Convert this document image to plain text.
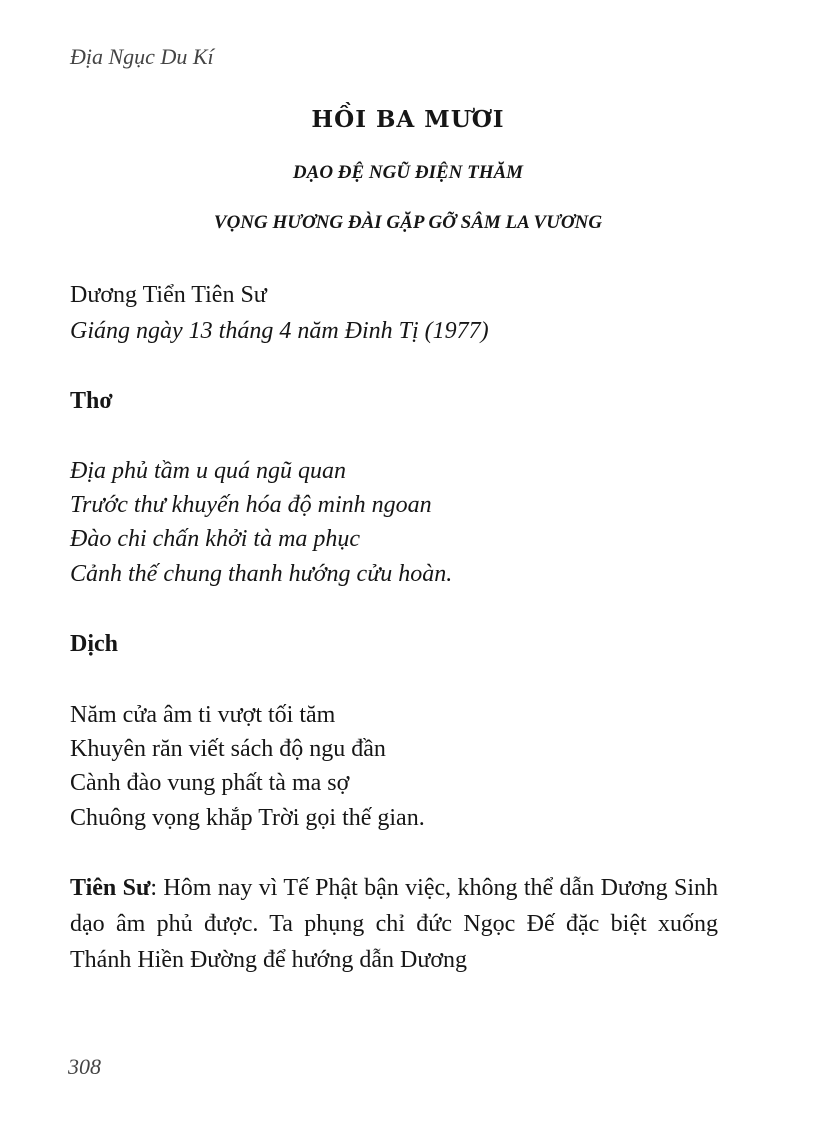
Địa Ngục Du Kí
HỒI BA MƯƠI
DẠO ĐỆ NGŨ ĐIỆN THĂM
VỌNG HƯƠNG ĐÀI GẶP GỠ SÂM LA VƯƠNG
Dương Tiển Tiên Sư
Giáng ngày 13 tháng 4 năm Đinh Tị (1977)
Thơ
Địa phủ tầm u quá ngũ quan
Trước thư khuyến hóa độ minh ngoan
Đào chi chấn khởi tà ma phục
Cảnh thế chung thanh hướng cửu hoàn.
Dịch
Năm cửa âm ti vượt tối tăm
Khuyên răn viết sách độ ngu đần
Cành đào vung phất tà ma sợ
Chuông vọng khắp Trời gọi thế gian.
Tiên Sư: Hôm nay vì Tế Phật bận việc, không thể dẫn Dương Sinh dạo âm phủ được. Ta phụng chỉ đức Ngọc Đế đặc biệt xuống Thánh Hiền Đường để hướng dẫn Dương
308
